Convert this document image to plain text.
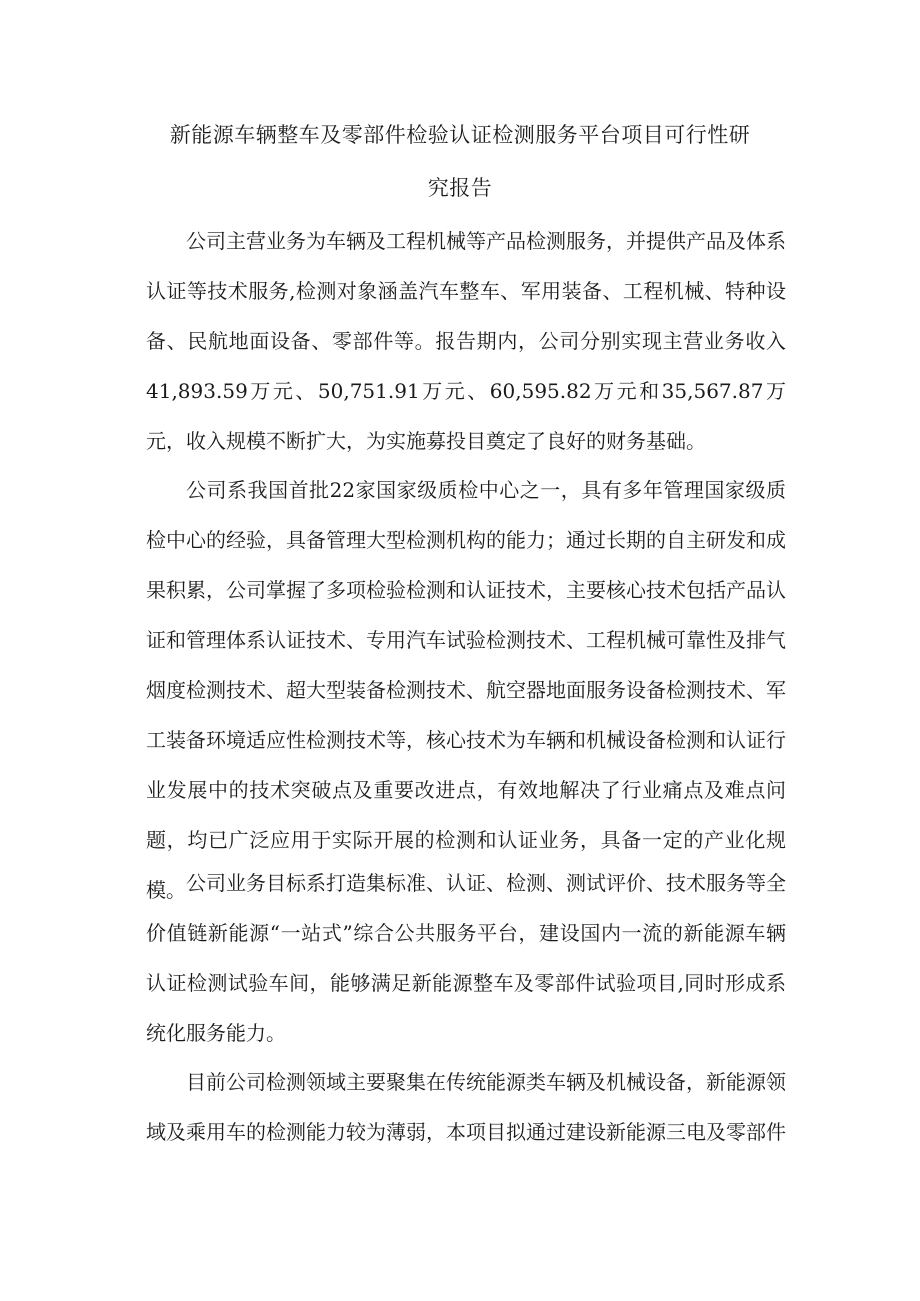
新能源车辆整车及零部件检验认证检测服务平台项目可行性研
究报告

公司主营业务为车辆及工程机械等产品检测服务，并提供产品及体系认证等技术服务,检测对象涵盖汽车整车、军用装备、工程机械、特种设备、民航地面设备、零部件等。报告期内，公司分别实现主营业务收入41,893.59万元、50,751.91万元、60,595.82万元和35,567.87万元，收入规模不断扩大，为实施募投目奠定了良好的财务基础。

公司系我国首批22家国家级质检中心之一，具有多年管理国家级质检中心的经验，具备管理大型检测机构的能力；通过长期的自主研发和成果积累，公司掌握了多项检验检测和认证技术，主要核心技术包括产品认证和管理体系认证技术、专用汽车试验检测技术、工程机械可靠性及排气烟度检测技术、超大型装备检测技术、航空器地面服务设备检测技术、军工装备环境适应性检测技术等，核心技术为车辆和机械设备检测和认证行业发展中的技术突破点及重要改进点，有效地解决了行业痛点及难点问题，均已广泛应用于实际开展的检测和认证业务，具备一定的产业化规模。 公司业务目标系打造集标准、认证、检测、测试评价、技术服务等全价值链新能源“一站式”综合公共服务平台，建设国内一流的新能源车辆认证检测试验车间，能够满足新能源整车及零部件试验项目,同时形成系统化服务能力。

目前公司检测领域主要聚集在传统能源类车辆及机械设备，新能源领域及乘用车的检测能力较为薄弱，本项目拟通过建设新能源三电及零部件
